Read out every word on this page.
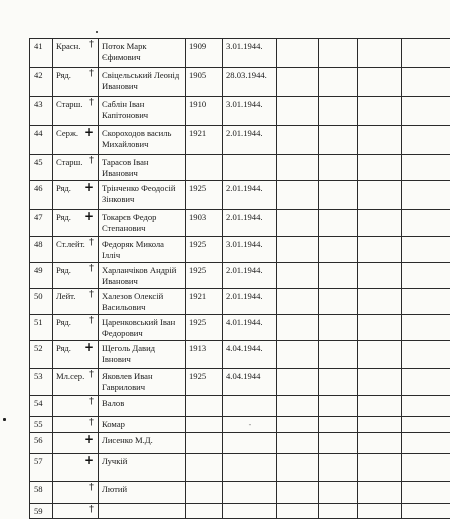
41	Красн. †	Поток Марк Єфимович	1909	3.01.1944.				
42	Ряд. †	Свіцельський Леонід Иванович	1905	28.03.1944.				
43	Старш. †	Саблін Іван Капітонович	1910	3.01.1944.				
44	Серж. +	Скороходов василь Михайлович	1921	2.01.1944.				
45	Старш. †	Тарасов Іван Иванович						
46	Ряд. +	Трінченко Феодосій Зінкович	1925	2.01.1944.				
47	Ряд. +	Токарєв Федор Степанович	1903	2.01.1944.				
48	Ст.лейт. †	Федоряк Микола Ілліч	1925	3.01.1944.				
49	Ряд. †	Харланчіков Андрій Иванович	1925	2.01.1944.				
50	Лейт. †	Халезов Олексій Васильович	1921	2.01.1944.				
51	Ряд. †	Царенковський Іван Федорович	1925	4.01.1944.				
52	Ряд. +	Щеголь Давид Івнович	1913	4.04.1944.				
53	Мл.сер. †	Яковлев Иван Гаврилович	1925	4.04.1944				
54	†	Валов						
55	†	Комар		-				
56	+	Лисенко М.Д.						
57	+	Лучкій						
58	†	Лютий						
59	†							
